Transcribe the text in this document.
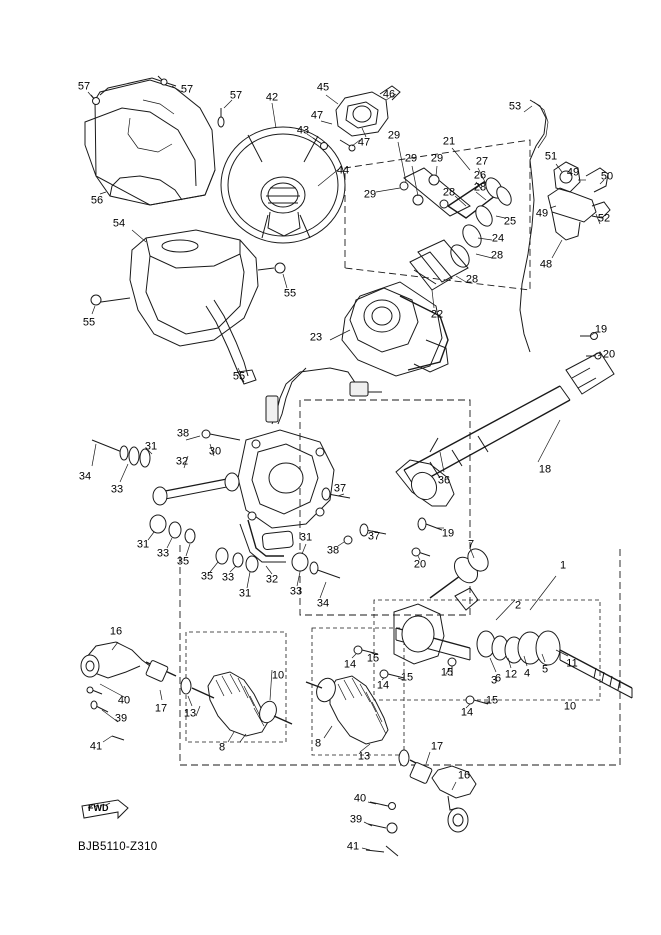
57	57	57 42
45
46
47
43
47
44
29
29 29
29
21
27
26
28
28
25
24
28
28
22
23
53
51
49 50
49	52
48
19
20
54
55
55
55
56
18
38
30
32
31
34
33
31
33
35
35 33
31
32
31
33
34
37
37
38
36
19
20
7
1
2
11
5
4
12
3
6
16
10
40
39
41
17 13
8
14 15
14
15	15
15
14
8
13
17
10
16
40
39
41
FWD
BJB5110-Z310
